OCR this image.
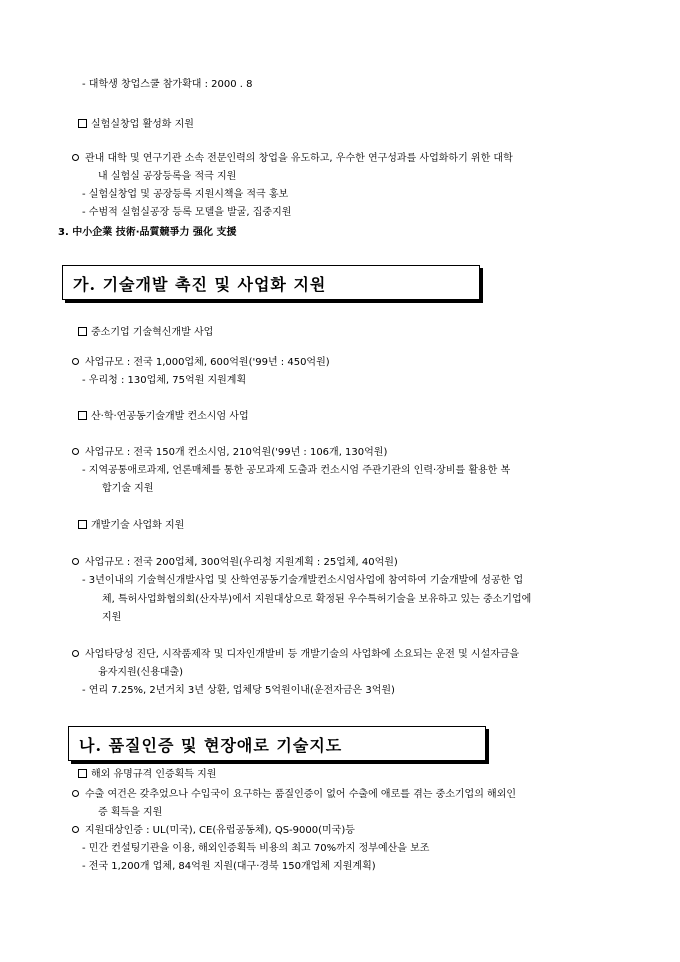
- 대학생 창업스쿨 참가확대 : 2000 . 8
실험실창업 활성화 지원
관내 대학 및 연구기관 소속 전문인력의 창업을 유도하고, 우수한 연구성과를 사업화하기 위한 대학
내 실험실 공장등록을 적극 지원
- 실험실창업 및 공장등록 지원시책을 적극 홍보
- 수범적 실험실공장 등록 모델을 발굴, 집중지원
3. 中小企業 技術·品質競爭力 强化 支援
가. 기술개발 촉진 및 사업화 지원
중소기업 기술혁신개발 사업
사업규모 : 전국 1,000업체, 600억원('99년 : 450억원)
- 우리청 : 130업체, 75억원 지원계획
산·학·연공동기술개발 컨소시엄 사업
사업규모 : 전국 150개 컨소시엄, 210억원('99년 : 106개, 130억원)
- 지역공통애로과제, 언론매체를 통한 공모과제 도출과 컨소시엄 주관기관의 인력·장비를 활용한 복
합기술 지원
개발기술 사업화 지원
사업규모 : 전국 200업체, 300억원(우리청 지원계획 : 25업체, 40억원)
- 3년이내의 기술혁신개발사업 및 산학연공동기술개발컨소시엄사업에 참여하여 기술개발에 성공한 업
체, 특허사업화협의회(산자부)에서 지원대상으로 확정된 우수특허기술을 보유하고 있는 중소기업에
지원
사업타당성 진단, 시작품제작 및 디자인개발비 등 개발기술의 사업화에 소요되는 운전 및 시설자금을
융자지원(신용대출)
- 연리 7.25%, 2년거치 3년 상환, 업체당 5억원이내(운전자금은 3억원)
나. 품질인증 및 현장애로 기술지도
해외 유명규격 인증획득 지원
수출 여건은 갖추었으나 수입국이 요구하는 품질인증이 없어 수출에 애로를 겪는 중소기업의 해외인
증 획득을 지원
지원대상인증 : UL(미국), CE(유럽공동체), QS-9000(미국)등
- 민간 컨설팅기관을 이용, 해외인증획득 비용의 최고 70%까지 정부예산을 보조
- 전국 1,200개 업체, 84억원 지원(대구·경북 150개업체 지원계획)
